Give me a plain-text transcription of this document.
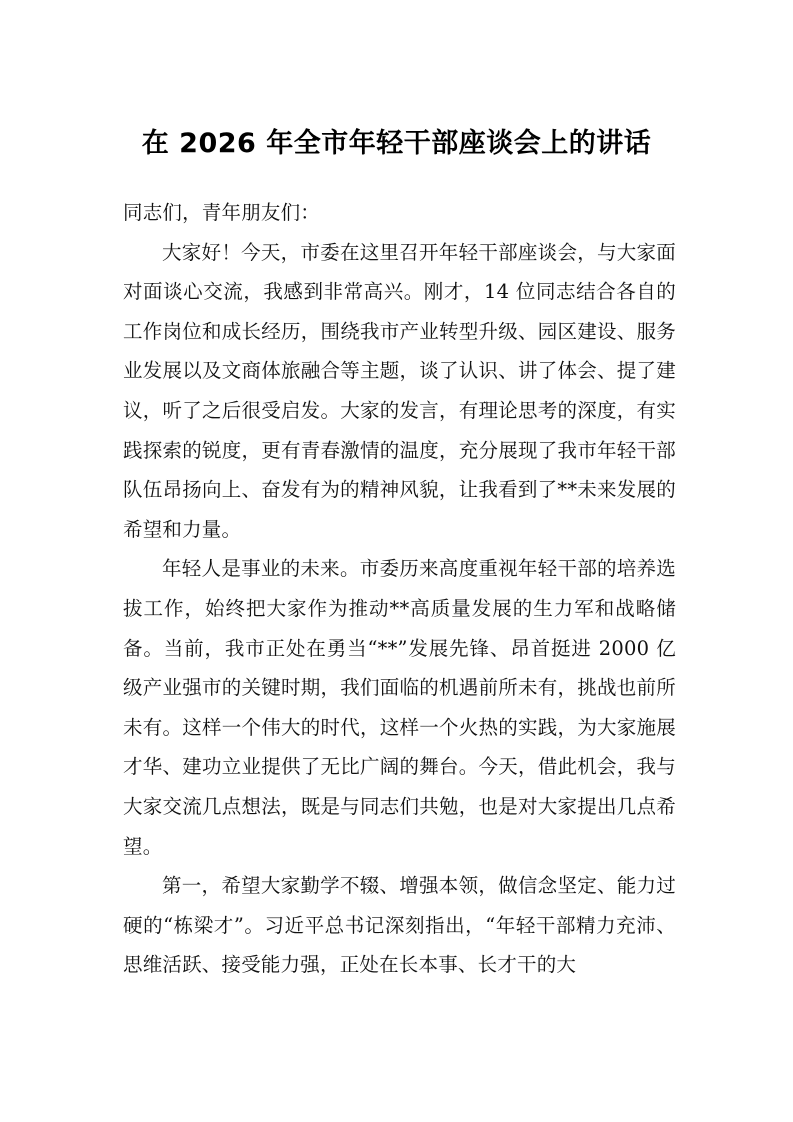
在 2026 年全市年轻干部座谈会上的讲话

同志们，青年朋友们：

大家好！今天，市委在这里召开年轻干部座谈会，与大家面对面谈心交流，我感到非常高兴。刚才，14 位同志结合各自的工作岗位和成长经历，围绕我市产业转型升级、园区建设、服务业发展以及文商体旅融合等主题，谈了认识、讲了体会、提了建议，听了之后很受启发。大家的发言，有理论思考的深度，有实践探索的锐度，更有青春激情的温度，充分展现了我市年轻干部队伍昂扬向上、奋发有为的精神风貌，让我看到了**未来发展的希望和力量。

年轻人是事业的未来。市委历来高度重视年轻干部的培养选拔工作，始终把大家作为推动**高质量发展的生力军和战略储备。当前，我市正处在勇当“**”发展先锋、昂首挺进 2000 亿级产业强市的关键时期，我们面临的机遇前所未有，挑战也前所未有。这样一个伟大的时代，这样一个火热的实践，为大家施展才华、建功立业提供了无比广阔的舞台。今天，借此机会，我与大家交流几点想法，既是与同志们共勉，也是对大家提出几点希望。

第一，希望大家勤学不辍、增强本领，做信念坚定、能力过硬的“栋梁才”。习近平总书记深刻指出，“年轻干部精力充沛、思维活跃、接受能力强，正处在长本事、长才干的大
